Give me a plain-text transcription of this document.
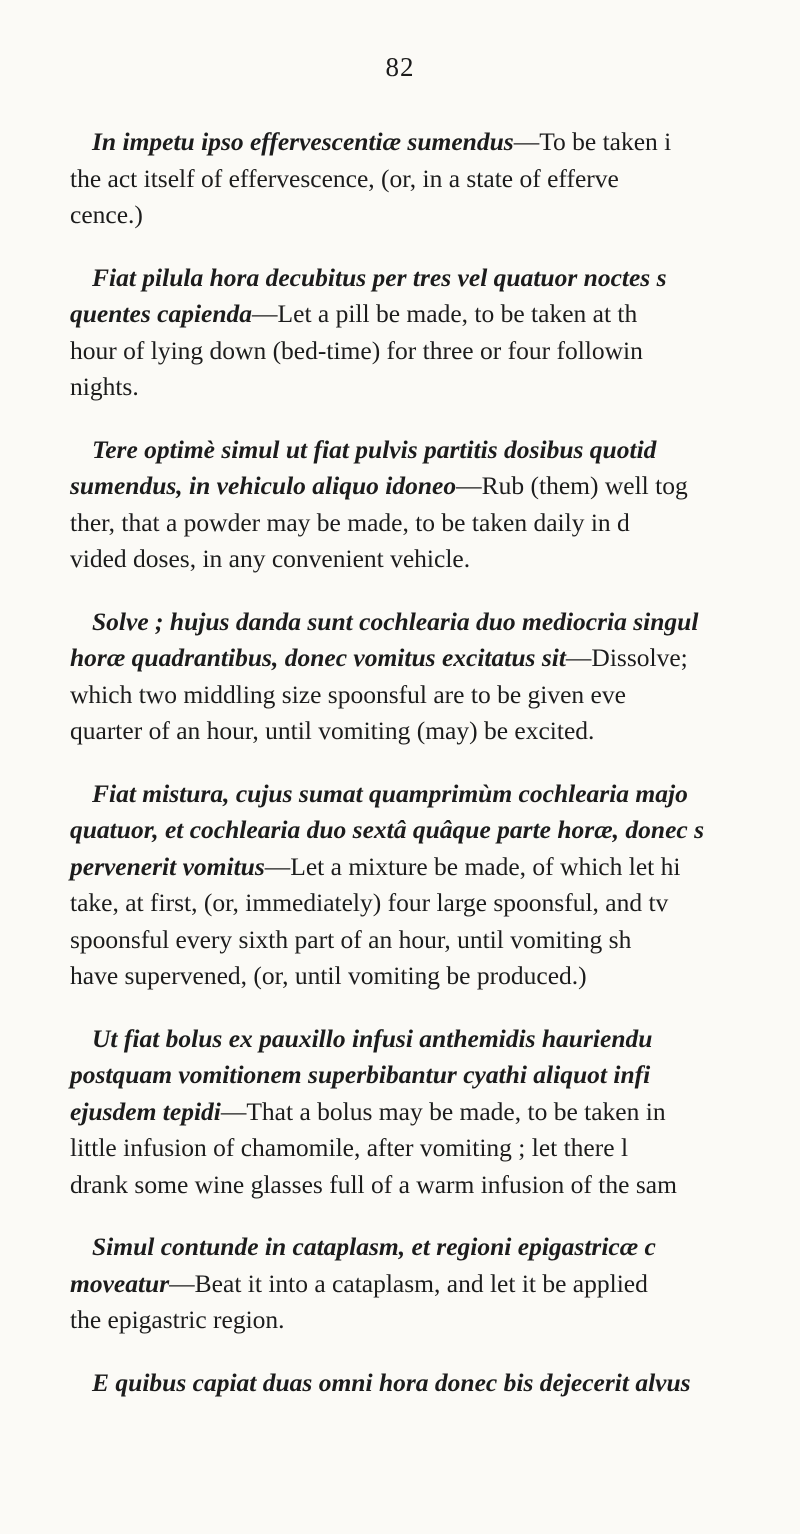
82
In impetu ipso effervescentiæ sumendus—To be taken i
the act itself of effervescence, (or, in a state of efferve
cence.)
Fiat pilula hora decubitus per tres vel quatuor noctes s
quentes capienda—Let a pill be made, to be taken at th
hour of lying down (bed-time) for three or four followin
nights.
Tere optimè simul ut fiat pulvis partitis dosibus quotid
sumendus, in vehiculo aliquo idoneo—Rub (them) well tog
ther, that a powder may be made, to be taken daily in d
vided doses, in any convenient vehicle.
Solve ; hujus danda sunt cochlearia duo mediocria singul
horæ quadrantibus, donec vomitus excitatus sit—Dissolve;
which two middling size spoonsful are to be given eve
quarter of an hour, until vomiting (may) be excited.
Fiat mistura, cujus sumat quamprimùm cochlearia majo
quatuor, et cochlearia duo sextâ quâque parte horæ, donec s
pervenerit vomitus—Let a mixture be made, of which let hi
take, at first, (or, immediately) four large spoonsful, and tv
spoonsful every sixth part of an hour, until vomiting sh
have supervened, (or, until vomiting be produced.)
Ut fiat bolus ex pauxillo infusi anthemidis hauriendu
postquam vomitionem superbibantur cyathi aliquot infi
ejusdem tepidi—That a bolus may be made, to be taken in
little infusion of chamomile, after vomiting ; let there l
drank some wine glasses full of a warm infusion of the sam
Simul contunde in cataplasm, et regioni epigastricæ c
moveatur—Beat it into a cataplasm, and let it be applied
the epigastric region.
E quibus capiat duas omni hora donec bis dejecerit alvus
